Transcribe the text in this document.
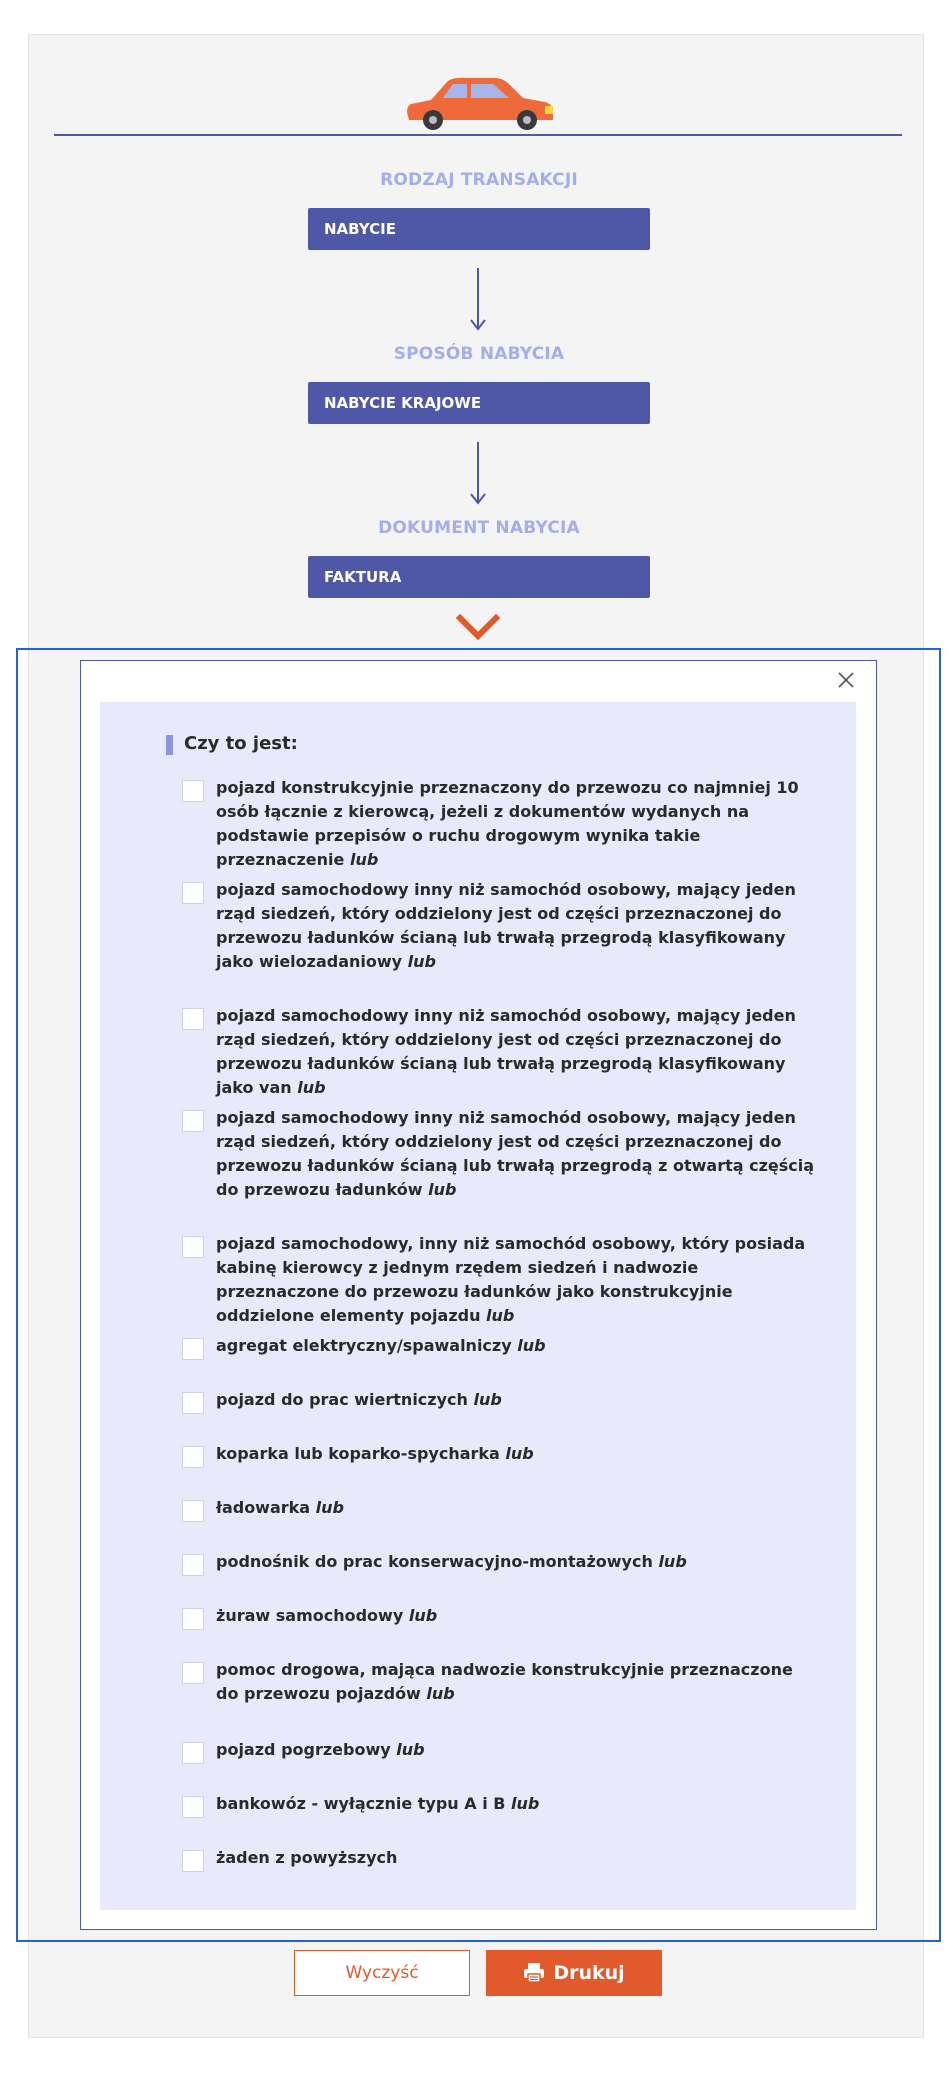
RODZAJ TRANSAKCJI
NABYCIE
SPOSÓB NABYCIA
NABYCIE KRAJOWE
DOKUMENT NABYCIA
FAKTURA
Czy to jest:
pojazd konstrukcyjnie przeznaczony do przewozu co najmniej 10 osób łącznie z kierowcą, jeżeli z dokumentów wydanych na podstawie przepisów o ruchu drogowym wynika takie przeznaczenie lub
pojazd samochodowy inny niż samochód osobowy, mający jeden rząd siedzeń, który oddzielony jest od części przeznaczonej do przewozu ładunków ścianą lub trwałą przegrodą klasyfikowany jako wielozadaniowy lub
pojazd samochodowy inny niż samochód osobowy, mający jeden rząd siedzeń, który oddzielony jest od części przeznaczonej do przewozu ładunków ścianą lub trwałą przegrodą klasyfikowany jako van lub
pojazd samochodowy inny niż samochód osobowy, mający jeden rząd siedzeń, który oddzielony jest od części przeznaczonej do przewozu ładunków ścianą lub trwałą przegrodą z otwartą częścią do przewozu ładunków lub
pojazd samochodowy, inny niż samochód osobowy, który posiada kabinę kierowcy z jednym rzędem siedzeń i nadwozie przeznaczone do przewozu ładunków jako konstrukcyjnie oddzielone elementy pojazdu lub
agregat elektryczny/spawalniczy lub
pojazd do prac wiertniczych lub
koparka lub koparko-spycharka lub
ładowarka lub
podnośnik do prac konserwacyjno-montażowych lub
żuraw samochodowy lub
pomoc drogowa, mająca nadwozie konstrukcyjnie przeznaczone do przewozu pojazdów lub
pojazd pogrzebowy lub
bankowóz - wyłącznie typu A i B lub
żaden z powyższych
Wyczyść	Drukuj
